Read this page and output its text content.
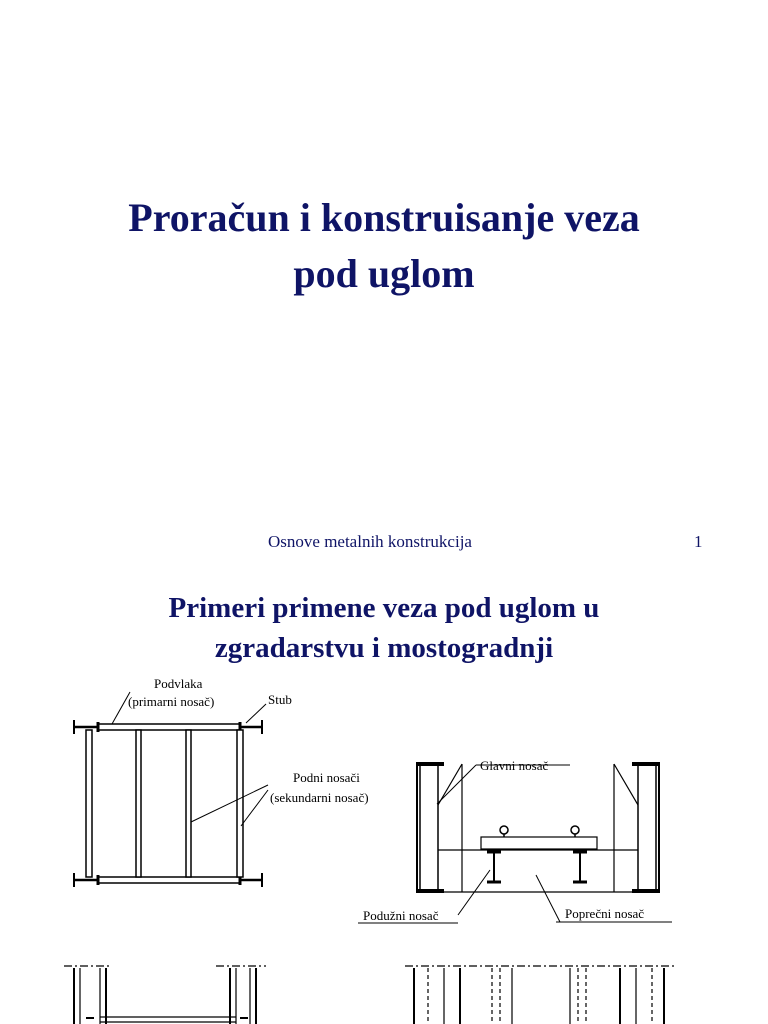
Proračun i konstruisanje veza
pod uglom
Osnove metalnih konstrukcija	1
Primeri primene veza pod uglom u
zgradarstvu i mostogradnji
Podvlaka
(primarni nosač)	Stub
Podni nosači
(sekundarni nosač)
Glavni nosač
Podužni nosač	Poprečni nosač
